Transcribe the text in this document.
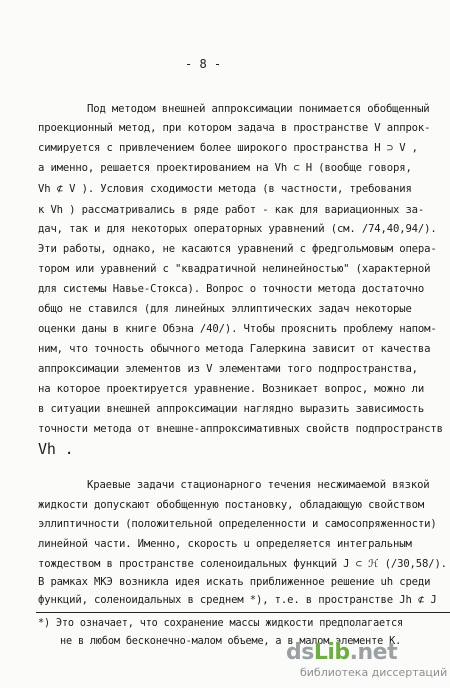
- 8 -
Под методом внешней аппроксимации понимается обобщенный
проекционный метод, при котором задача в пространстве V аппрок-
симируется с привлечением более широкого пространства H ⊃ V ,
а именно, решается проектированием на Vh ⊂ H (вообще говоря,
Vh ⊄ V ). Условия сходимости метода (в частности, требования
к Vh ) рассматривались в ряде работ - как для вариационных за-
дач, так и для некоторых операторных уравнений (см. /74,40,94/).
Эти работы, однако, не касаются уравнений с фредгольмовым опера-
тором или уравнений с "квадратичной нелинейностью" (характерной
для системы Навье-Стокса). Вопрос о точности метода достаточно
общо не ставился (для линейных эллиптических задач некоторые
оценки даны в книге Обэна /40/). Чтобы прояснить проблему напом-
ним, что точность обычного метода Галеркина зависит от качества
аппроксимации элементов из V элементами того подпространства,
на которое проектируется уравнение. Возникает вопрос, можно ли
в ситуации внешней аппроксимации наглядно выразить зависимость
точности метода от внешне-аппроксимативных свойств подпространств
Vh .
Краевые задачи стационарного течения несжимаемой вязкой
жидкости допускают обобщенную постановку, обладающую свойством
эллиптичности (положительной определенности и самосопряженности)
линейной части. Именно, скорость u определяется интегральным
тождеством в пространстве соленоидальных функций J ⊂ ℋ (/30,58/).
В рамках МКЭ возникла идея искать приближенное решение uh среди
функций, соленоидальных в среднем *), т.е. в пространстве Jh ⊄ J
*) Это означает, что сохранение массы жидкости предполагается
не в любом бесконечно-малом объеме, а в малом элементе K.
dsLib.net
библиотека диссертаций
